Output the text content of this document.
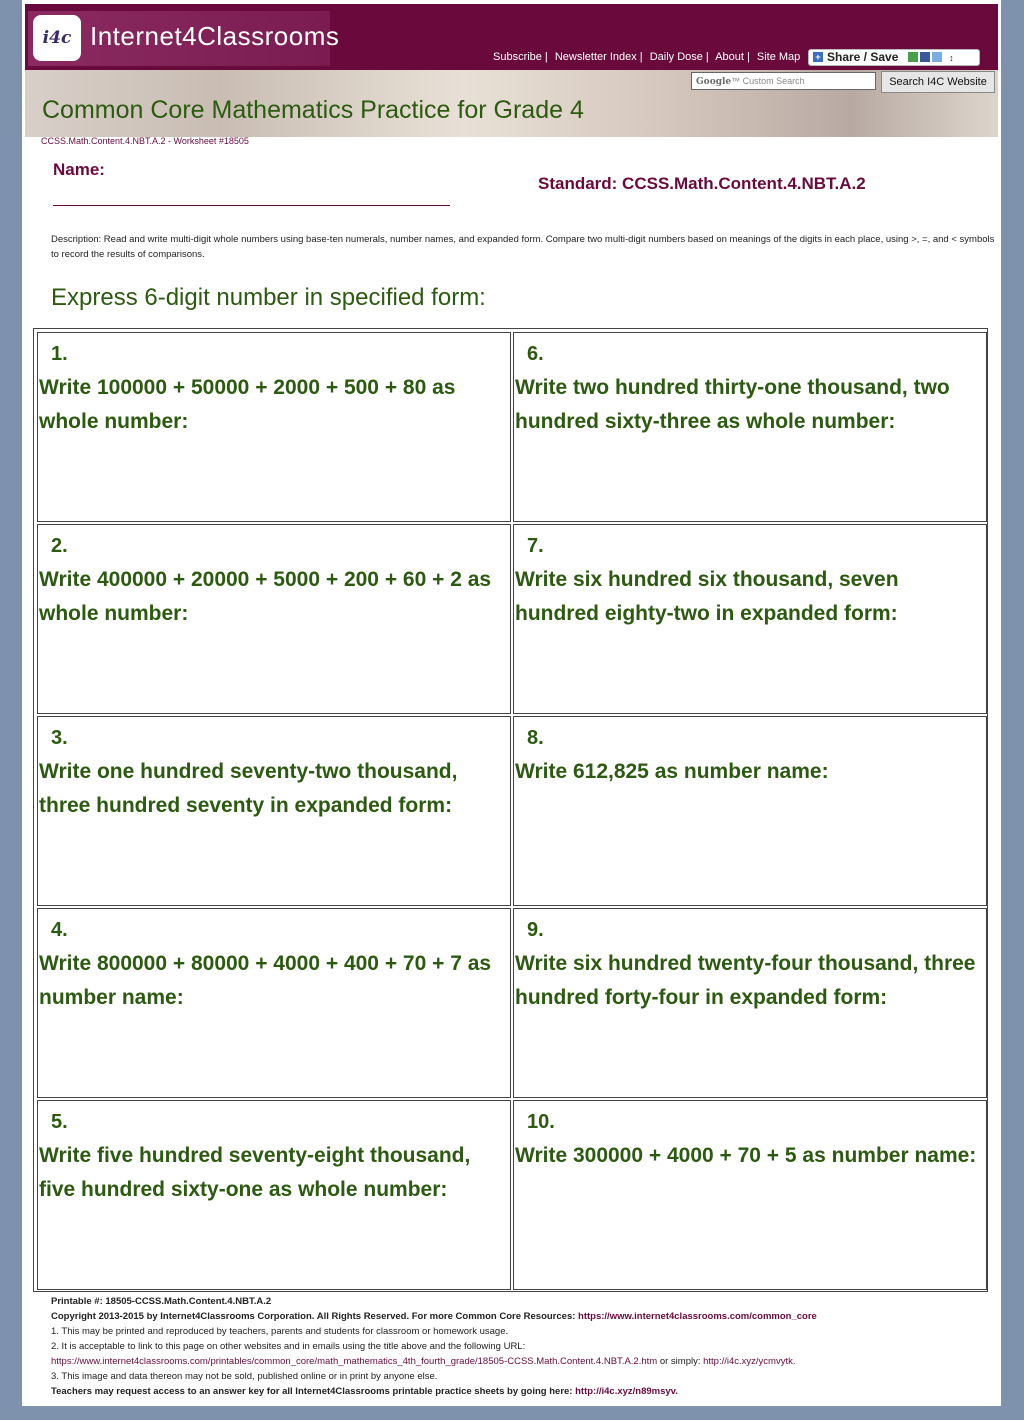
i4c Internet4Classrooms
Subscribe | Newsletter Index | Daily Dose | About | Site Map	+ Share / Save	↕
Google™ Custom Search	Search I4C Website
Common Core Mathematics Practice for Grade 4
CCSS.Math.Content.4.NBT.A.2 - Worksheet #18505
Name:
Standard: CCSS.Math.Content.4.NBT.A.2
Description: Read and write multi-digit whole numbers using base-ten numerals, number names, and expanded form. Compare two multi-digit numbers based on meanings of the digits in each place, using >, =, and < symbols to record the results of comparisons.
Express 6-digit number in specified form:
1.
Write 100000 + 50000 + 2000 + 500 + 80 as whole number:
2.
Write 400000 + 20000 + 5000 + 200 + 60 + 2 as whole number:
3.
Write one hundred seventy-two thousand, three hundred seventy in expanded form:
4.
Write 800000 + 80000 + 4000 + 400 + 70 + 7 as number name:
5.
Write five hundred seventy-eight thousand, five hundred sixty-one as whole number:
6.
Write two hundred thirty-one thousand, two hundred sixty-three as whole number:
7.
Write six hundred six thousand, seven hundred eighty-two in expanded form:
8.
Write 612,825 as number name:
9.
Write six hundred twenty-four thousand, three hundred forty-four in expanded form:
10.
Write 300000 + 4000 + 70 + 5 as number name:
Printable #: 18505-CCSS.Math.Content.4.NBT.A.2
Copyright 2013-2015 by Internet4Classrooms Corporation. All Rights Reserved. For more Common Core Resources: https://www.internet4classrooms.com/common_core
1. This may be printed and reproduced by teachers, parents and students for classroom or homework usage.
2. It is acceptable to link to this page on other websites and in emails using the title above and the following URL:
https://www.internet4classrooms.com/printables/common_core/math_mathematics_4th_fourth_grade/18505-CCSS.Math.Content.4.NBT.A.2.htm or simply: http://i4c.xyz/ycmvytk.
3. This image and data thereon may not be sold, published online or in print by anyone else.
Teachers may request access to an answer key for all Internet4Classrooms printable practice sheets by going here: http://i4c.xyz/n89msyv.
